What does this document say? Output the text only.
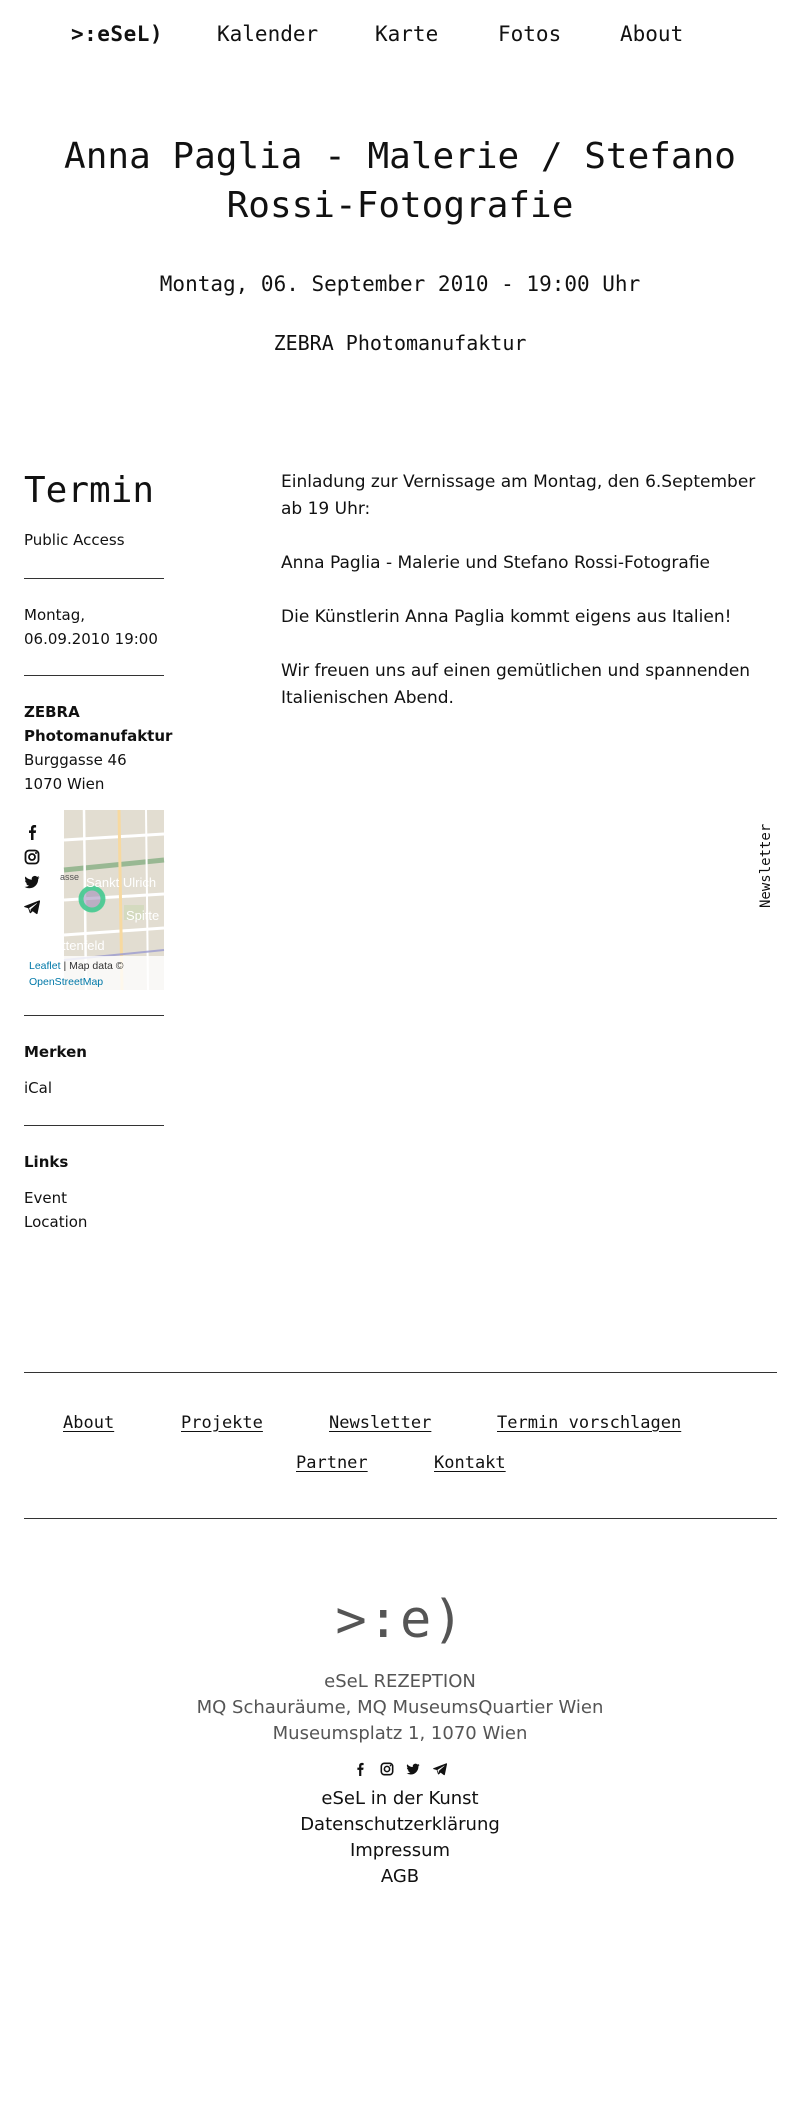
>:eSeL)	Kalender	Karte	Fotos	About
Anna Paglia - Malerie / Stefano Rossi-Fotografie
Montag, 06. September 2010 - 19:00 Uhr
ZEBRA Photomanufaktur
Termin
Public Access
Montag,
06.09.2010 19:00
ZEBRA
Photomanufaktur
Burggasse 46
1070 Wien
Sankt Ulrich
Spitte
ttenfeld
asse
Leaflet | Map data ©
OpenStreetMap
Merken
iCal
Links
Event
Location

Einladung zur Vernissage am Montag, den 6.September ab 19 Uhr:

Anna Paglia - Malerie und Stefano Rossi-Fotografie

Die Künstlerin Anna Paglia kommt eigens aus Italien!

Wir freuen uns auf einen gemütlichen und spannenden Italienischen Abend.

Newsletter
About	Projekte	Newsletter	Termin vorschlagen
Partner	Kontakt
>:e)
eSeL REZEPTION
MQ Schauräume, MQ MuseumsQuartier Wien
Museumsplatz 1, 1070 Wien

eSeL in der Kunst
Datenschutzerklärung
Impressum
AGB
